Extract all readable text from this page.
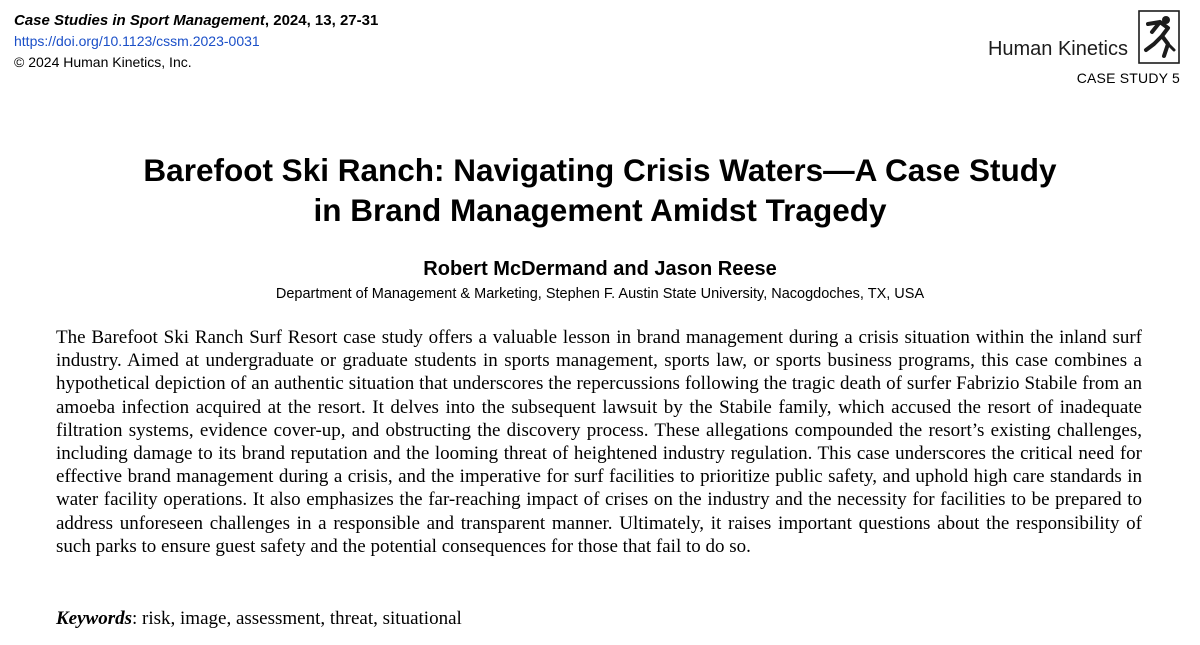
Case Studies in Sport Management, 2024, 13, 27-31
https://doi.org/10.1123/cssm.2023-0031
© 2024 Human Kinetics, Inc.
Human Kinetics
CASE STUDY 5
Barefoot Ski Ranch: Navigating Crisis Waters—A Case Study
in Brand Management Amidst Tragedy
Robert McDermand and Jason Reese
Department of Management & Marketing, Stephen F. Austin State University, Nacogdoches, TX, USA

The Barefoot Ski Ranch Surf Resort case study offers a valuable lesson in brand management during a crisis situation within the inland surf industry. Aimed at undergraduate or graduate students in sports management, sports law, or sports business programs, this case combines a hypothetical depiction of an authentic situation that underscores the repercussions following the tragic death of surfer Fabrizio Stabile from an amoeba infection acquired at the resort. It delves into the subsequent lawsuit by the Stabile family, which accused the resort of inadequate filtration systems, evidence cover-up, and obstructing the discovery process. These allegations compounded the resort’s existing challenges, including damage to its brand reputation and the looming threat of heightened industry regulation. This case underscores the critical need for effective brand management during a crisis, and the imperative for surf facilities to prioritize public safety, and uphold high care standards in water facility operations. It also emphasizes the far-reaching impact of crises on the industry and the necessity for facilities to be prepared to address unforeseen challenges in a responsible and transparent manner. Ultimately, it raises important questions about the responsibility of such parks to ensure guest safety and the potential consequences for those that fail to do so.

Keywords: risk, image, assessment, threat, situational
